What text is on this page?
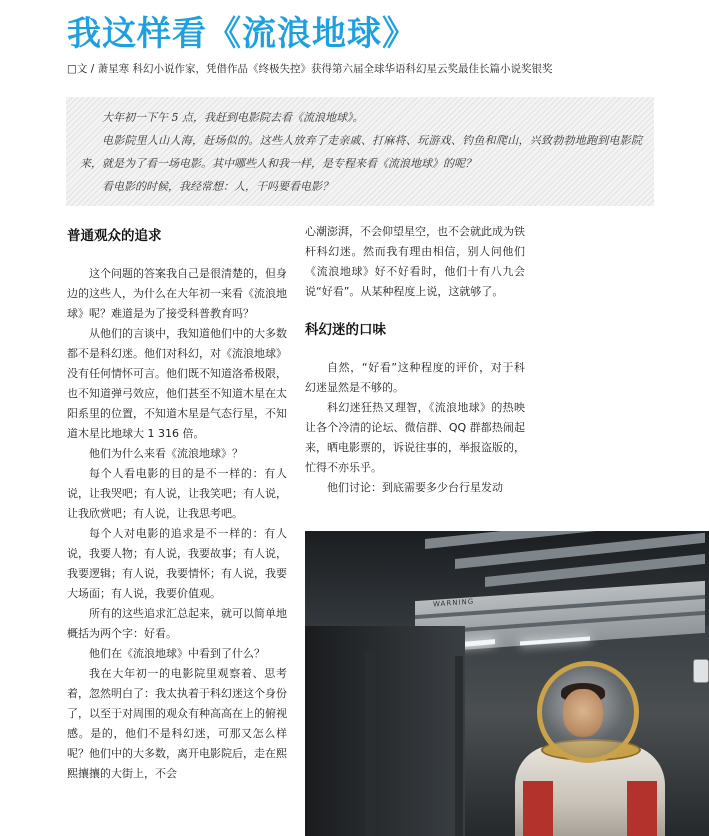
我这样看《流浪地球》
□文 / 萧星寒 科幻小说作家，凭借作品《终极失控》获得第六届全球华语科幻星云奖最佳长篇小说奖银奖

大年初一下午 5 点，我赶到电影院去看《流浪地球》。

电影院里人山人海，赶场似的。这些人放弃了走亲戚、打麻将、玩游戏、钓鱼和爬山，兴致勃勃地跑到电影院来，就是为了看一场电影。其中哪些人和我一样，是专程来看《流浪地球》的呢？

看电影的时候，我经常想：人，干吗要看电影？

普通观众的追求

这个问题的答案我自己是很清楚的，但身边的这些人，为什么在大年初一来看《流浪地球》呢？难道是为了接受科普教育吗？

从他们的言谈中，我知道他们中的大多数都不是科幻迷。他们对科幻，对《流浪地球》没有任何情怀可言。他们既不知道洛希极限，也不知道弹弓效应，他们甚至不知道木星在太阳系里的位置，不知道木星是气态行星，不知道木星比地球大 1 316 倍。

他们为什么来看《流浪地球》？

每个人看电影的目的是不一样的：有人说，让我哭吧；有人说，让我笑吧；有人说，让我欣赏吧；有人说，让我思考吧。

每个人对电影的追求是不一样的：有人说，我要人物；有人说，我要故事；有人说，我要逻辑；有人说，我要情怀；有人说，我要大场面；有人说，我要价值观。

所有的这些追求汇总起来，就可以简单地概括为两个字：好看。

他们在《流浪地球》中看到了什么？

我在大年初一的电影院里观察着、思考着，忽然明白了：我太执着于科幻迷这个身份了，以至于对周围的观众有种高高在上的俯视感。是的，他们不是科幻迷，可那又怎么样呢？他们中的大多数，离开电影院后，走在熙熙攘攘的大街上，不会

心潮澎湃，不会仰望星空，也不会就此成为铁杆科幻迷。然而我有理由相信，别人问他们《流浪地球》好不好看时，他们十有八九会说“好看”。从某种程度上说，这就够了。

科幻迷的口味

自然，“好看”这种程度的评价，对于科幻迷显然是不够的。

科幻迷狂热又理智，《流浪地球》的热映让各个冷清的论坛、微信群、QQ 群都热闹起来，晒电影票的，诉说往事的，举报盗版的，忙得不亦乐乎。

他们讨论：到底需要多少台行星发动

WARNING
